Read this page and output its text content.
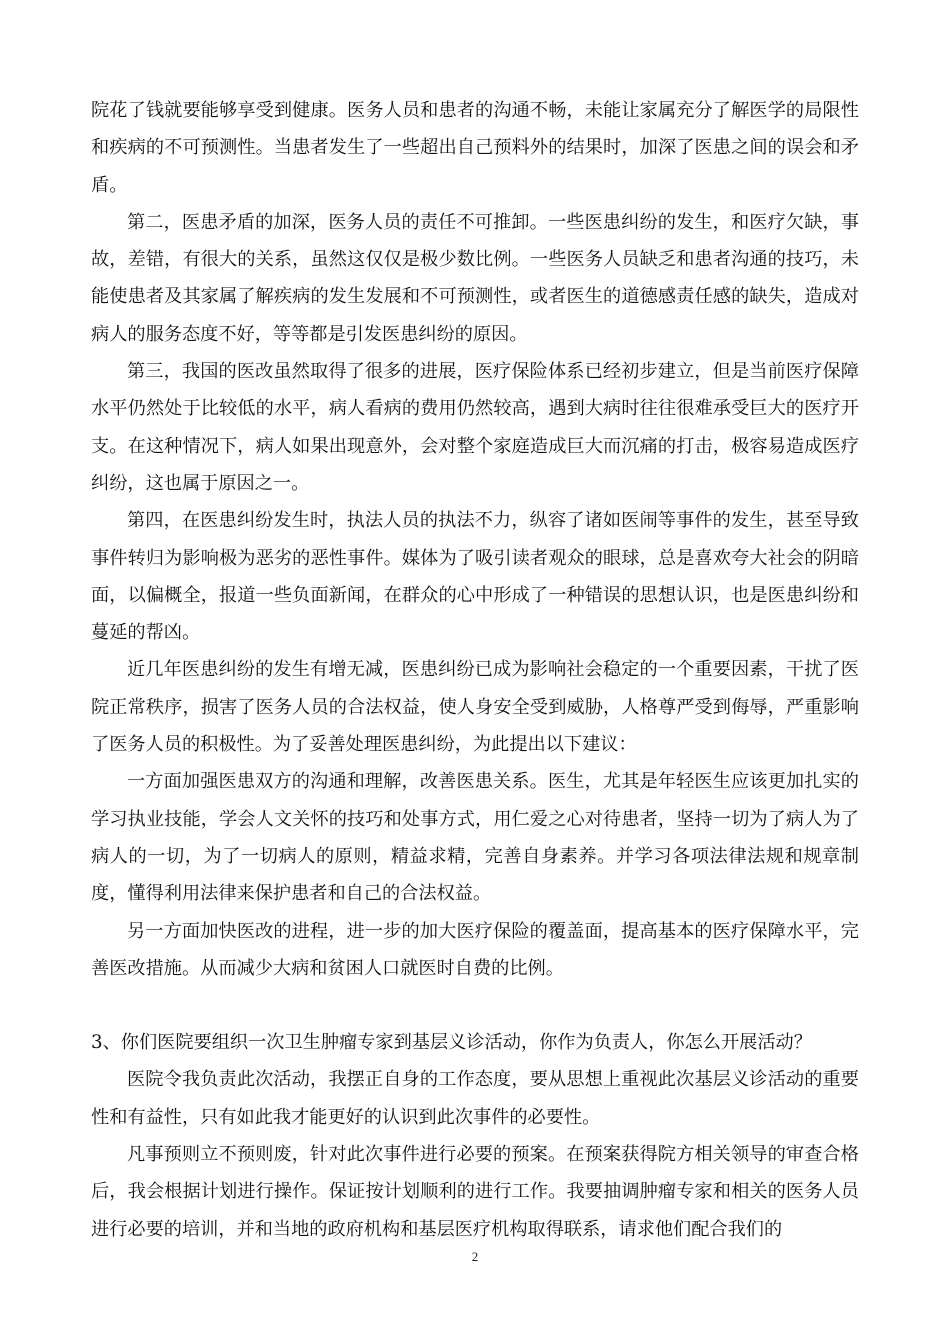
院花了钱就要能够享受到健康。医务人员和患者的沟通不畅，未能让家属充分了解医学的局限性和疾病的不可预测性。当患者发生了一些超出自己预料外的结果时，加深了医患之间的误会和矛盾。

第二，医患矛盾的加深，医务人员的责任不可推卸。一些医患纠纷的发生，和医疗欠缺，事故，差错，有很大的关系，虽然这仅仅是极少数比例。一些医务人员缺乏和患者沟通的技巧，未能使患者及其家属了解疾病的发生发展和不可预测性，或者医生的道德感责任感的缺失，造成对病人的服务态度不好，等等都是引发医患纠纷的原因。

第三，我国的医改虽然取得了很多的进展，医疗保险体系已经初步建立，但是当前医疗保障水平仍然处于比较低的水平，病人看病的费用仍然较高，遇到大病时往往很难承受巨大的医疗开支。在这种情况下，病人如果出现意外，会对整个家庭造成巨大而沉痛的打击，极容易造成医疗纠纷，这也属于原因之一。

第四，在医患纠纷发生时，执法人员的执法不力，纵容了诸如医闹等事件的发生，甚至导致事件转归为影响极为恶劣的恶性事件。媒体为了吸引读者观众的眼球，总是喜欢夸大社会的阴暗面，以偏概全，报道一些负面新闻，在群众的心中形成了一种错误的思想认识，也是医患纠纷和蔓延的帮凶。

近几年医患纠纷的发生有增无减，医患纠纷已成为影响社会稳定的一个重要因素，干扰了医院正常秩序，损害了医务人员的合法权益，使人身安全受到威胁，人格尊严受到侮辱，严重影响了医务人员的积极性。为了妥善处理医患纠纷，为此提出以下建议：

一方面加强医患双方的沟通和理解，改善医患关系。医生，尤其是年轻医生应该更加扎实的学习执业技能，学会人文关怀的技巧和处事方式，用仁爱之心对待患者，坚持一切为了病人为了病人的一切，为了一切病人的原则，精益求精，完善自身素养。并学习各项法律法规和规章制度，懂得利用法律来保护患者和自己的合法权益。

另一方面加快医改的进程，进一步的加大医疗保险的覆盖面，提高基本的医疗保障水平，完善医改措施。从而减少大病和贫困人口就医时自费的比例。

3、你们医院要组织一次卫生肿瘤专家到基层义诊活动，你作为负责人，你怎么开展活动？

医院令我负责此次活动，我摆正自身的工作态度，要从思想上重视此次基层义诊活动的重要性和有益性，只有如此我才能更好的认识到此次事件的必要性。

凡事预则立不预则废，针对此次事件进行必要的预案。在预案获得院方相关领导的审查合格后，我会根据计划进行操作。保证按计划顺利的进行工作。我要抽调肿瘤专家和相关的医务人员进行必要的培训，并和当地的政府机构和基层医疗机构取得联系，请求他们配合我们的

2
